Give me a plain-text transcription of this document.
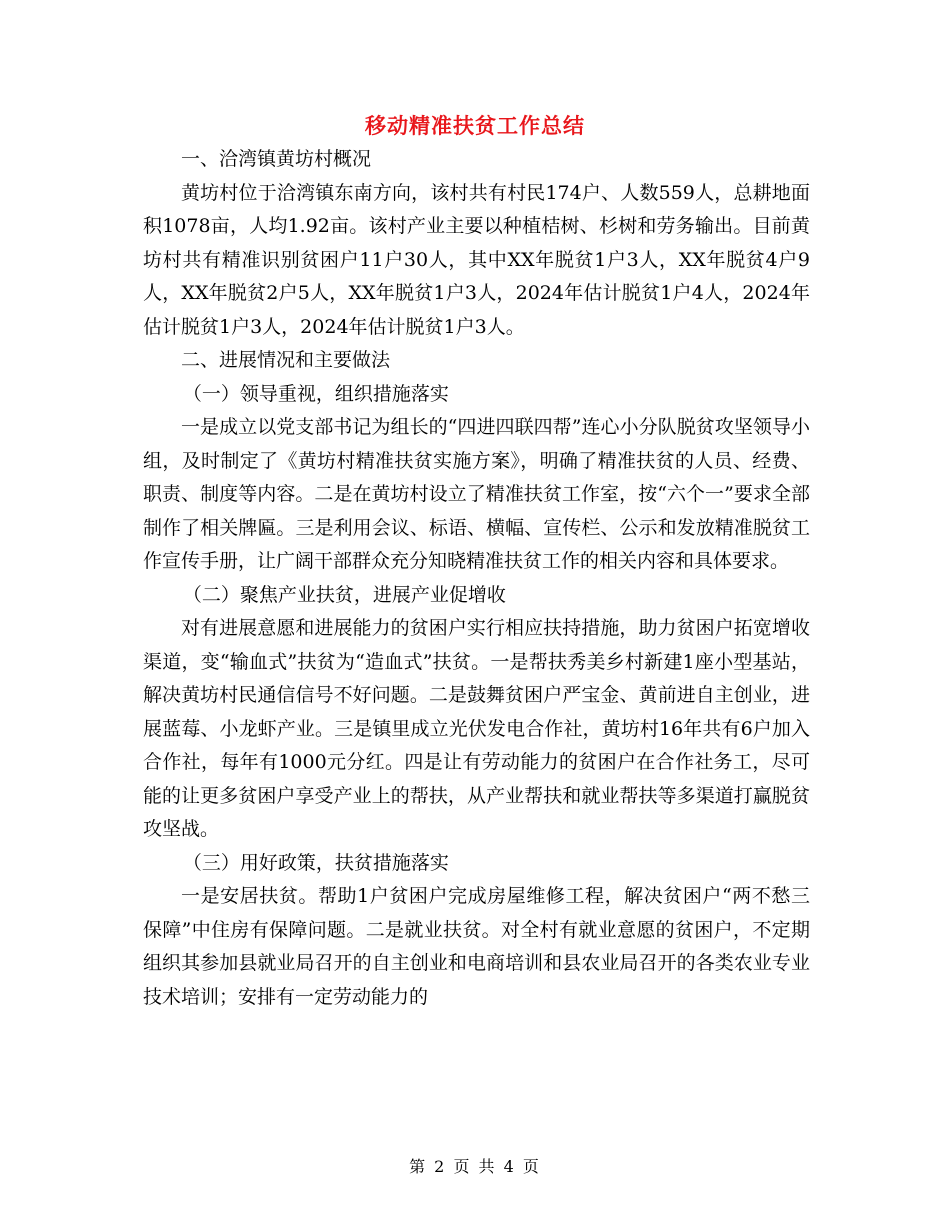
移动精准扶贫工作总结

一、洽湾镇黄坊村概况

黄坊村位于洽湾镇东南方向，该村共有村民174户、人数559人，总耕地面积1078亩，人均1.92亩。该村产业主要以种植桔树、杉树和劳务输出。目前黄坊村共有精准识别贫困户11户30人，其中XX年脱贫1户3人，XX年脱贫4户9人，XX年脱贫2户5人，XX年脱贫1户3人，2024年估计脱贫1户4人，2024年估计脱贫1户3人，2024年估计脱贫1户3人。

二、进展情况和主要做法

（一）领导重视，组织措施落实

一是成立以党支部书记为组长的“四进四联四帮”连心小分队脱贫攻坚领导小组，及时制定了《黄坊村精准扶贫实施方案》，明确了精准扶贫的人员、经费、职责、制度等内容。二是在黄坊村设立了精准扶贫工作室，按“六个一”要求全部制作了相关牌匾。三是利用会议、标语、横幅、宣传栏、公示和发放精准脱贫工作宣传手册，让广阔干部群众充分知晓精准扶贫工作的相关内容和具体要求。

（二）聚焦产业扶贫，进展产业促增收

对有进展意愿和进展能力的贫困户实行相应扶持措施，助力贫困户拓宽增收渠道，变“输血式”扶贫为“造血式”扶贫。一是帮扶秀美乡村新建1座小型基站，解决黄坊村民通信信号不好问题。二是鼓舞贫困户严宝金、黄前进自主创业，进展蓝莓、小龙虾产业。三是镇里成立光伏发电合作社，黄坊村16年共有6户加入合作社，每年有1000元分红。四是让有劳动能力的贫困户在合作社务工，尽可能的让更多贫困户享受产业上的帮扶，从产业帮扶和就业帮扶等多渠道打赢脱贫攻坚战。

（三）用好政策，扶贫措施落实

一是安居扶贫。帮助1户贫困户完成房屋维修工程，解决贫困户“两不愁三保障”中住房有保障问题。二是就业扶贫。对全村有就业意愿的贫困户，不定期组织其参加县就业局召开的自主创业和电商培训和县农业局召开的各类农业专业技术培训；安排有一定劳动能力的

第 2 页 共 4 页
